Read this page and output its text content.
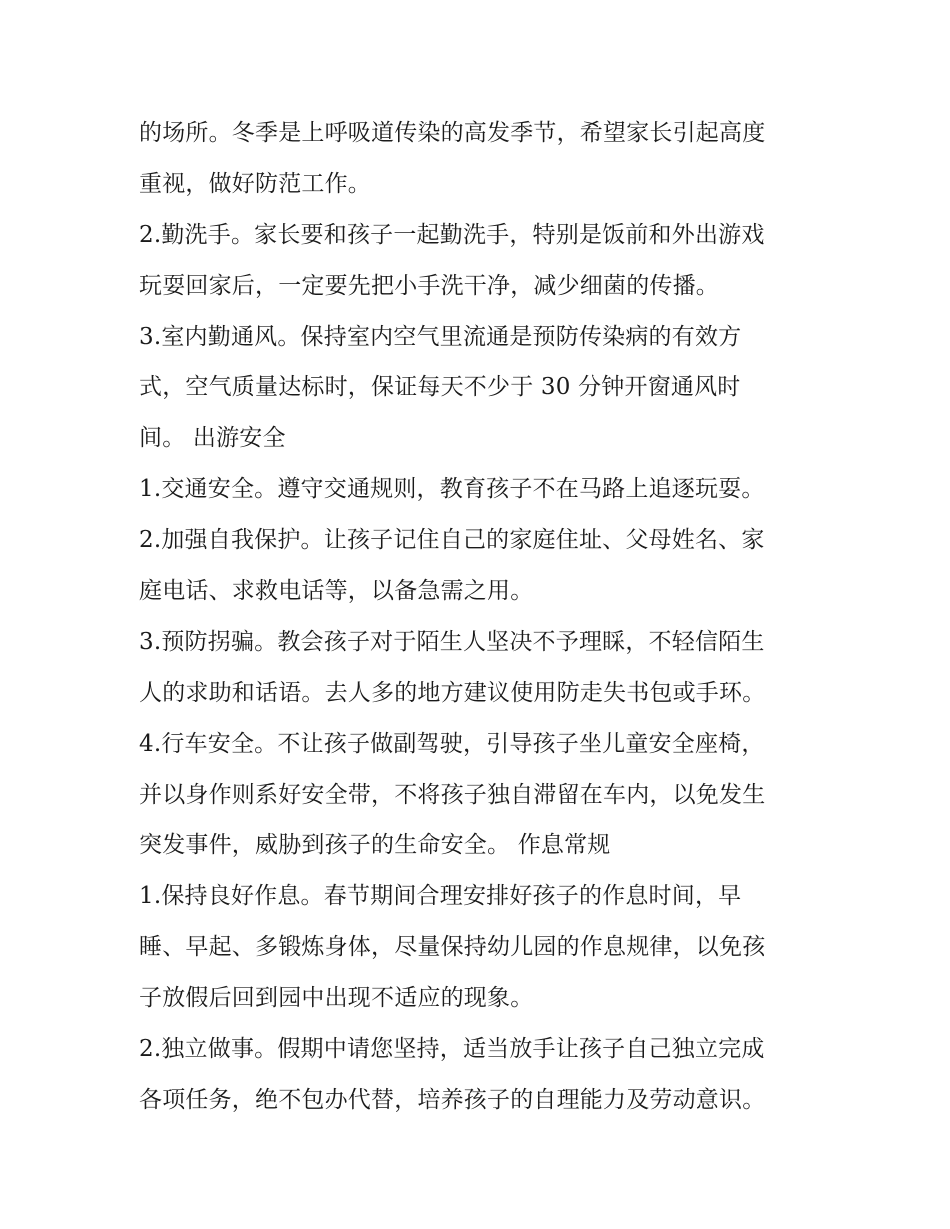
的场所。冬季是上呼吸道传染的高发季节，希望家长引起高度
重视，做好防范工作。
2.勤洗手。家长要和孩子一起勤洗手，特别是饭前和外出游戏
玩耍回家后，一定要先把小手洗干净，减少细菌的传播。
3.室内勤通风。保持室内空气里流通是预防传染病的有效方
式，空气质量达标时，保证每天不少于 30 分钟开窗通风时
间。 出游安全
1.交通安全。遵守交通规则，教育孩子不在马路上追逐玩耍。
2.加强自我保护。让孩子记住自己的家庭住址、父母姓名、家
庭电话、求救电话等，以备急需之用。
3.预防拐骗。教会孩子对于陌生人坚决不予理睬，不轻信陌生
人的求助和话语。去人多的地方建议使用防走失书包或手环。
4.行车安全。不让孩子做副驾驶，引导孩子坐儿童安全座椅，
并以身作则系好安全带，不将孩子独自滞留在车内，以免发生
突发事件，威胁到孩子的生命安全。 作息常规
1.保持良好作息。春节期间合理安排好孩子的作息时间，早
睡、早起、多锻炼身体，尽量保持幼儿园的作息规律，以免孩
子放假后回到园中出现不适应的现象。
2.独立做事。假期中请您坚持，适当放手让孩子自己独立完成
各项任务，绝不包办代替，培养孩子的自理能力及劳动意识。
